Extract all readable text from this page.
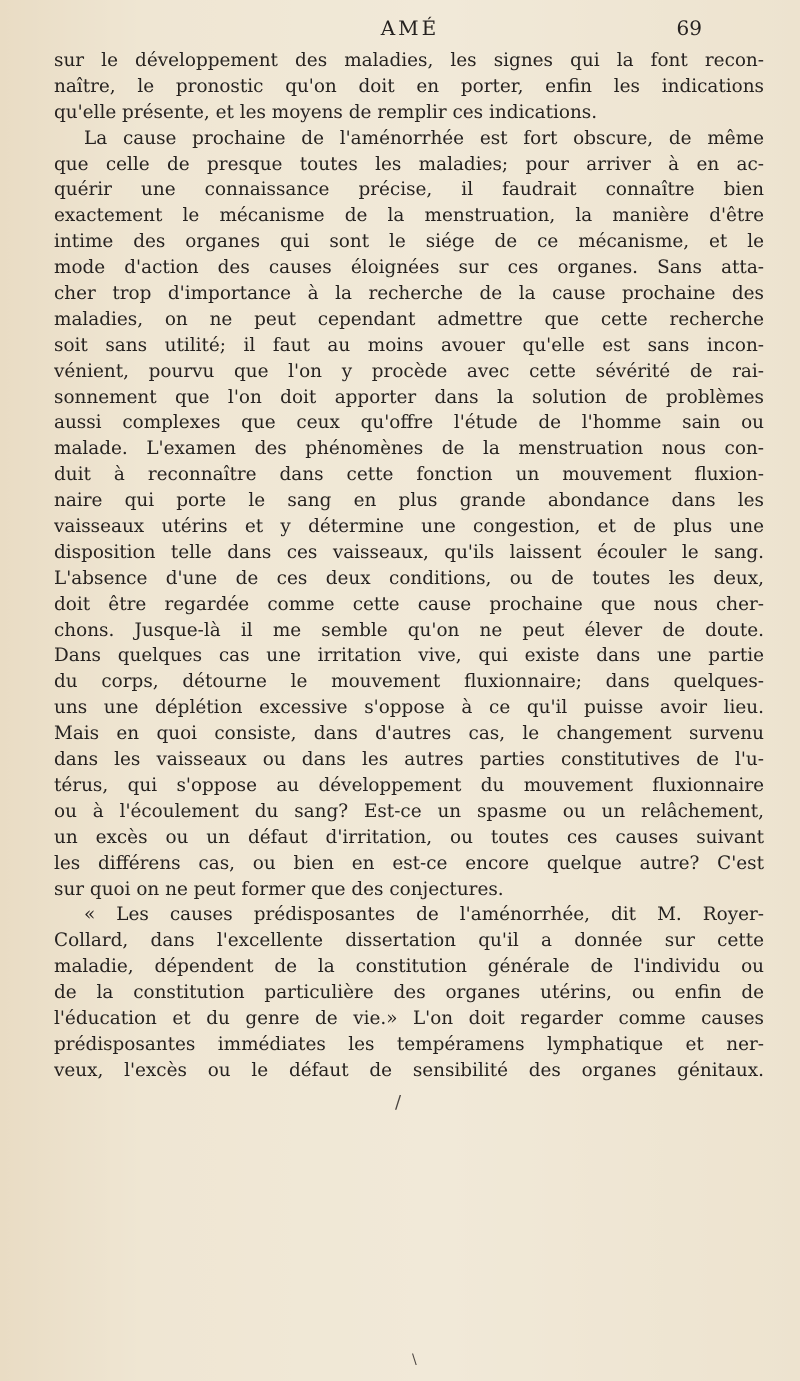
AMÉ	69
sur le développement des maladies, les signes qui la font recon-
naître, le pronostic qu'on doit en porter, enfin les indications
qu'elle présente, et les moyens de remplir ces indications.
La cause prochaine de l'aménorrhée est fort obscure, de même
que celle de presque toutes les maladies; pour arriver à en ac-
quérir une connaissance précise, il faudrait connaître bien
exactement le mécanisme de la menstruation, la manière d'être
intime des organes qui sont le siége de ce mécanisme, et le
mode d'action des causes éloignées sur ces organes. Sans atta-
cher trop d'importance à la recherche de la cause prochaine des
maladies, on ne peut cependant admettre que cette recherche
soit sans utilité; il faut au moins avouer qu'elle est sans incon-
vénient, pourvu que l'on y procède avec cette sévérité de rai-
sonnement que l'on doit apporter dans la solution de problèmes
aussi complexes que ceux qu'offre l'étude de l'homme sain ou
malade. L'examen des phénomènes de la menstruation nous con-
duit à reconnaître dans cette fonction un mouvement fluxion-
naire qui porte le sang en plus grande abondance dans les
vaisseaux utérins et y détermine une congestion, et de plus une
disposition telle dans ces vaisseaux, qu'ils laissent écouler le sang.
L'absence d'une de ces deux conditions, ou de toutes les deux,
doit être regardée comme cette cause prochaine que nous cher-
chons. Jusque-là il me semble qu'on ne peut élever de doute.
Dans quelques cas une irritation vive, qui existe dans une partie
du corps, détourne le mouvement fluxionnaire; dans quelques-
uns une déplétion excessive s'oppose à ce qu'il puisse avoir lieu.
Mais en quoi consiste, dans d'autres cas, le changement survenu
dans les vaisseaux ou dans les autres parties constitutives de l'u-
térus, qui s'oppose au développement du mouvement fluxionnaire
ou à l'écoulement du sang? Est-ce un spasme ou un relâchement,
un excès ou un défaut d'irritation, ou toutes ces causes suivant
les différens cas, ou bien en est-ce encore quelque autre? C'est
sur quoi on ne peut former que des conjectures.
« Les causes prédisposantes de l'aménorrhée, dit M. Royer-
Collard, dans l'excellente dissertation qu'il a donnée sur cette
maladie, dépendent de la constitution générale de l'individu ou
de la constitution particulière des organes utérins, ou enfin de
l'éducation et du genre de vie.» L'on doit regarder comme causes
prédisposantes immédiates les tempéramens lymphatique et ner-
veux, l'excès ou le défaut de sensibilité des organes génitaux.
/
\
